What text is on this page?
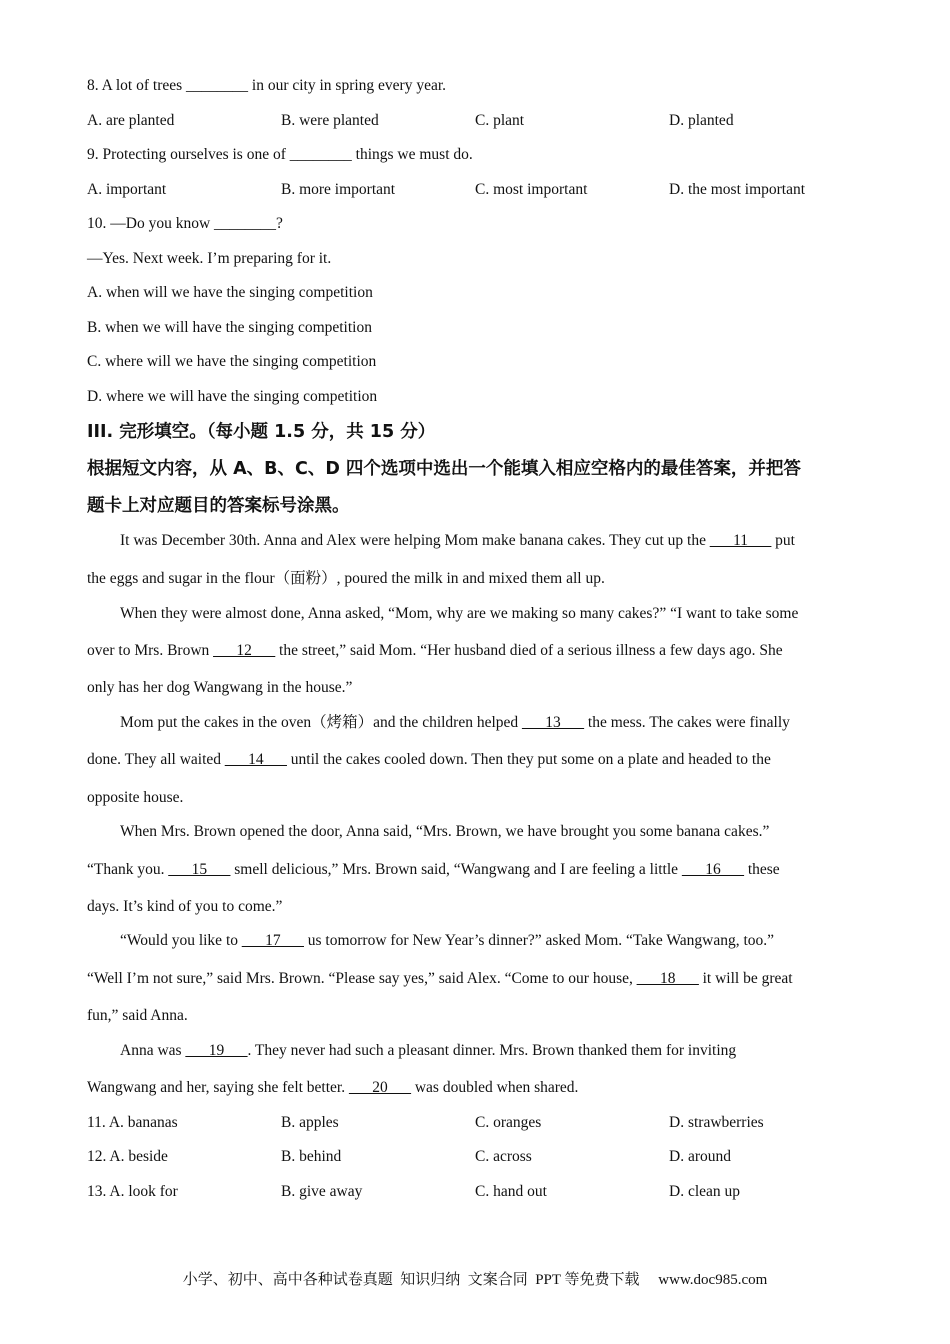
8. A lot of trees ________ in our city in spring every year.
A. are planted	B. were planted	C. plant	D. planted
9. Protecting ourselves is one of ________ things we must do.
A. important	B. more important	C. most important	D. the most important
10. —Do you know ________?
—Yes. Next week. I’m preparing for it.
A. when will we have the singing competition
B. when we will have the singing competition
C. where will we have the singing competition
D. where we will have the singing competition
III. 完形填空。（每小题 1.5 分，共 15 分）
根据短文内容，从 A、B、C、D 四个选项中选出一个能填入相应空格内的最佳答案，并把答
题卡上对应题目的答案标号涂黑。
It was December 30th. Anna and Alex were helping Mom make banana cakes. They cut up the ___11___ put
the eggs and sugar in the flour（面粉）, poured the milk in and mixed them all up.
When they were almost done, Anna asked, “Mom, why are we making so many cakes?” “I want to take some
over to Mrs. Brown ___12___ the street,” said Mom. “Her husband died of a serious illness a few days ago. She
only has her dog Wangwang in the house.”
Mom put the cakes in the oven（烤箱）and the children helped ___13___ the mess. The cakes were finally
done. They all waited ___14___ until the cakes cooled down. Then they put some on a plate and headed to the
opposite house.
When Mrs. Brown opened the door, Anna said, “Mrs. Brown, we have brought you some banana cakes.”
“Thank you. ___15___ smell delicious,” Mrs. Brown said, “Wangwang and I are feeling a little ___16___ these
days. It’s kind of you to come.”
“Would you like to ___17___ us tomorrow for New Year’s dinner?” asked Mom. “Take Wangwang, too.”
“Well I’m not sure,” said Mrs. Brown. “Please say yes,” said Alex. “Come to our house, ___18___ it will be great
fun,” said Anna.
Anna was ___19___. They never had such a pleasant dinner. Mrs. Brown thanked them for inviting
Wangwang and her, saying she felt better. ___20___ was doubled when shared.
11. A. bananas	B. apples	C. oranges	D. strawberries
12. A. beside	B. behind	C. across	D. around
13. A. look for	B. give away	C. hand out	D. clean up
小学、初中、高中各种试卷真题  知识归纳  文案合同  PPT 等免费下载     www.doc985.com
